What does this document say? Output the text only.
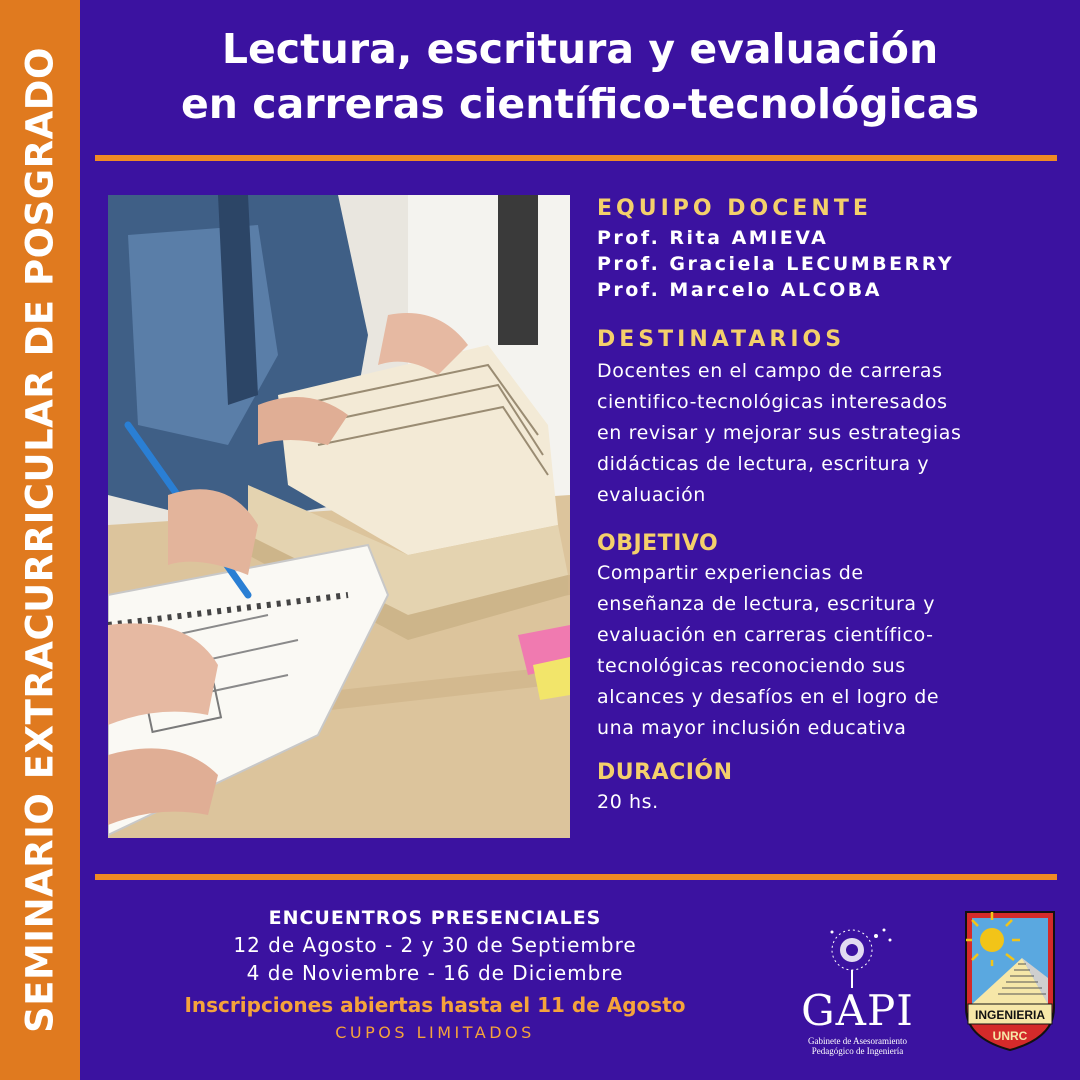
SEMINARIO EXTRACURRICULAR DE POSGRADO	Lectura, escritura y evaluación
en carreras científico-tecnológicas
EQUIPO DOCENTE
Prof. Rita AMIEVA
Prof. Graciela LECUMBERRY
Prof. Marcelo ALCOBA
DESTINATARIOS
Docentes en el campo de carreras
cientifico-tecnológicas interesados
en revisar y mejorar sus estrategias
didácticas de lectura, escritura y
evaluación
OBJETIVO
Compartir experiencias de
enseñanza de lectura, escritura y
evaluación en carreras científico-
tecnológicas reconociendo sus
alcances y desafíos en el logro de
una mayor inclusión educativa
DURACIÓN
20 hs.
ENCUENTROS PRESENCIALES
12 de Agosto - 2 y 30 de Septiembre
4 de Noviembre - 16 de Diciembre
Inscripciones abiertas hasta el 11 de Agosto
CUPOS LIMITADOS	GAPI
Gabinete de Asesoramiento
Pedagógico de Ingeniería
INGENIERIA
UNRC
